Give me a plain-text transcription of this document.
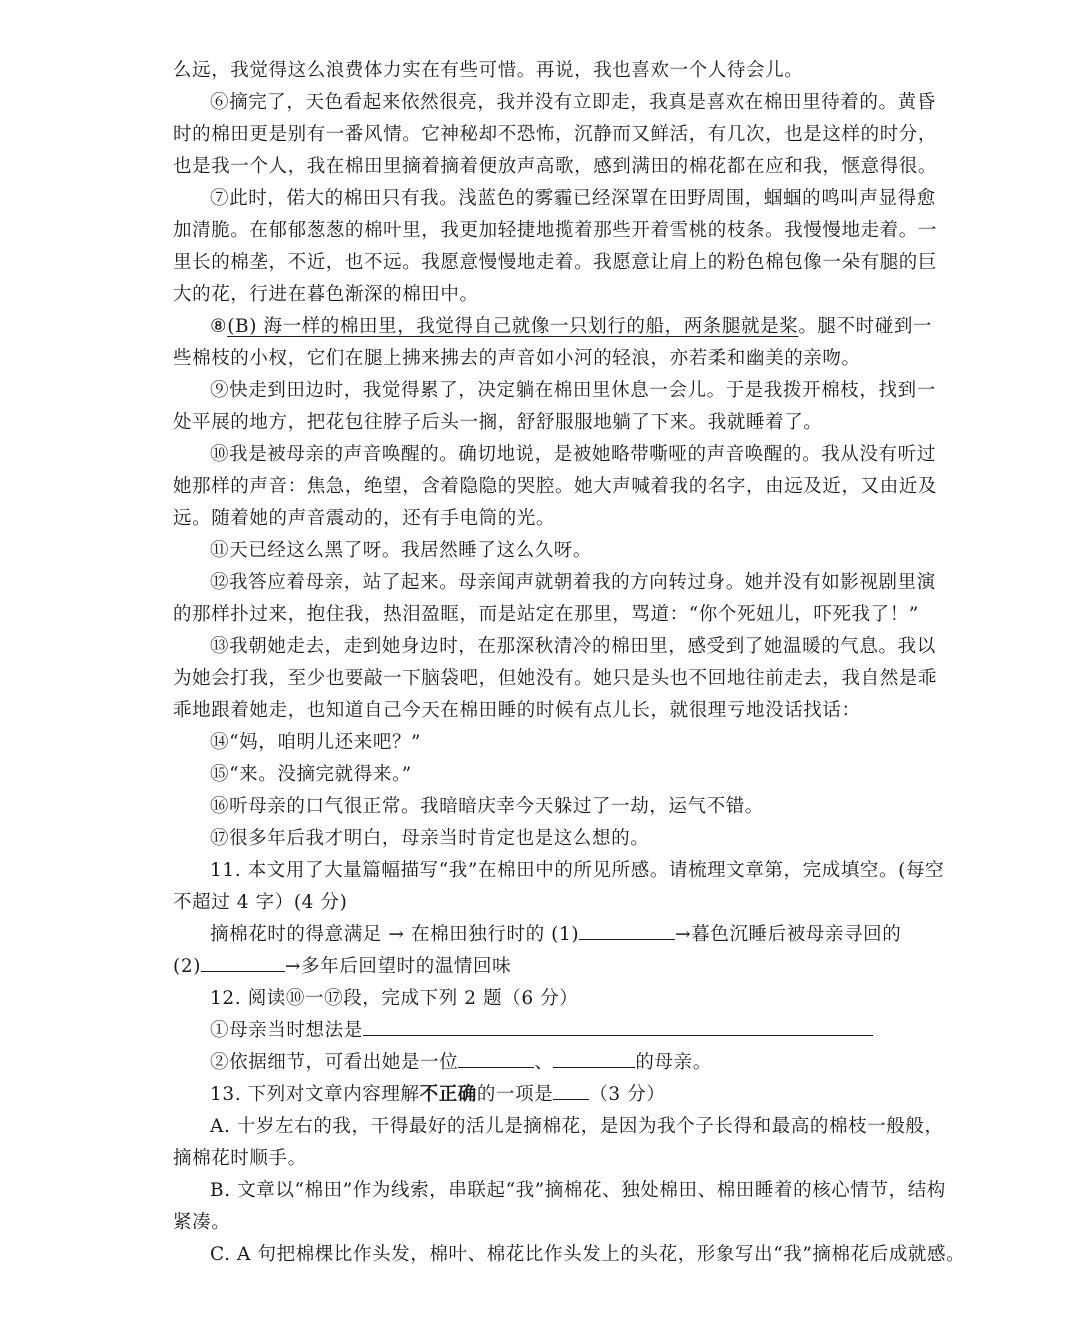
么远，我觉得这么浪费体力实在有些可惜。再说，我也喜欢一个人待会儿。
⑥摘完了，天色看起来依然很亮，我并没有立即走，我真是喜欢在棉田里待着的。黄昏
时的棉田更是别有一番风情。它神秘却不恐怖，沉静而又鲜活，有几次，也是这样的时分，
也是我一个人，我在棉田里摘着摘着便放声高歌，感到满田的棉花都在应和我，惬意得很。
⑦此时，偌大的棉田只有我。浅蓝色的雾霾已经深罩在田野周围，蝈蝈的鸣叫声显得愈
加清脆。在郁郁葱葱的棉叶里，我更加轻捷地揽着那些开着雪桃的枝条。我慢慢地走着。一
里长的棉垄，不近，也不远。我愿意慢慢地走着。我愿意让肩上的粉色棉包像一朵有腿的巨
大的花，行进在暮色渐深的棉田中。
⑧(B) 海一样的棉田里，我觉得自己就像一只划行的船，两条腿就是桨。腿不时碰到一
些棉枝的小杈，它们在腿上拂来拂去的声音如小河的轻浪，亦若柔和幽美的亲吻。
⑨快走到田边时，我觉得累了，决定躺在棉田里休息一会儿。于是我拨开棉枝，找到一
处平展的地方，把花包往脖子后头一搁，舒舒服服地躺了下来。我就睡着了。
⑩我是被母亲的声音唤醒的。确切地说，是被她略带嘶哑的声音唤醒的。我从没有听过
她那样的声音：焦急，绝望，含着隐隐的哭腔。她大声喊着我的名字，由远及近，又由近及
远。随着她的声音震动的，还有手电筒的光。
⑪天已经这么黑了呀。我居然睡了这么久呀。
⑫我答应着母亲，站了起来。母亲闻声就朝着我的方向转过身。她并没有如影视剧里演
的那样扑过来，抱住我，热泪盈眶，而是站定在那里，骂道：“你个死妞儿，吓死我了！”
⑬我朝她走去，走到她身边时，在那深秋清冷的棉田里，感受到了她温暖的气息。我以
为她会打我，至少也要敲一下脑袋吧，但她没有。她只是头也不回地往前走去，我自然是乖
乖地跟着她走，也知道自己今天在棉田睡的时候有点儿长，就很理亏地没话找话：
⑭“妈，咱明儿还来吧？”
⑮“来。没摘完就得来。”
⑯听母亲的口气很正常。我暗暗庆幸今天躲过了一劫，运气不错。
⑰很多年后我才明白，母亲当时肯定也是这么想的。
11. 本文用了大量篇幅描写“我”在棉田中的所见所感。请梳理文章第，完成填空。(每空
不超过 4 字）(4 分)
摘棉花时的得意满足 → 在棉田独行时的 (1)	→暮色沉睡后被母亲寻回的
(2)	→多年后回望时的温情回味
12. 阅读⑩一⑰段，完成下列 2 题（6 分）
①母亲当时想法是
②依据细节，可看出她是一位	、	的母亲。
13. 下列对文章内容理解不正确的一项是 （3 分）
A. 十岁左右的我，干得最好的活儿是摘棉花，是因为我个子长得和最高的棉枝一般般，
摘棉花时顺手。
B. 文章以“棉田”作为线索，串联起“我”摘棉花、独处棉田、棉田睡着的核心情节，结构
紧凑。
C. A 句把棉棵比作头发，棉叶、棉花比作头发上的头花，形象写出“我”摘棉花后成就感。
